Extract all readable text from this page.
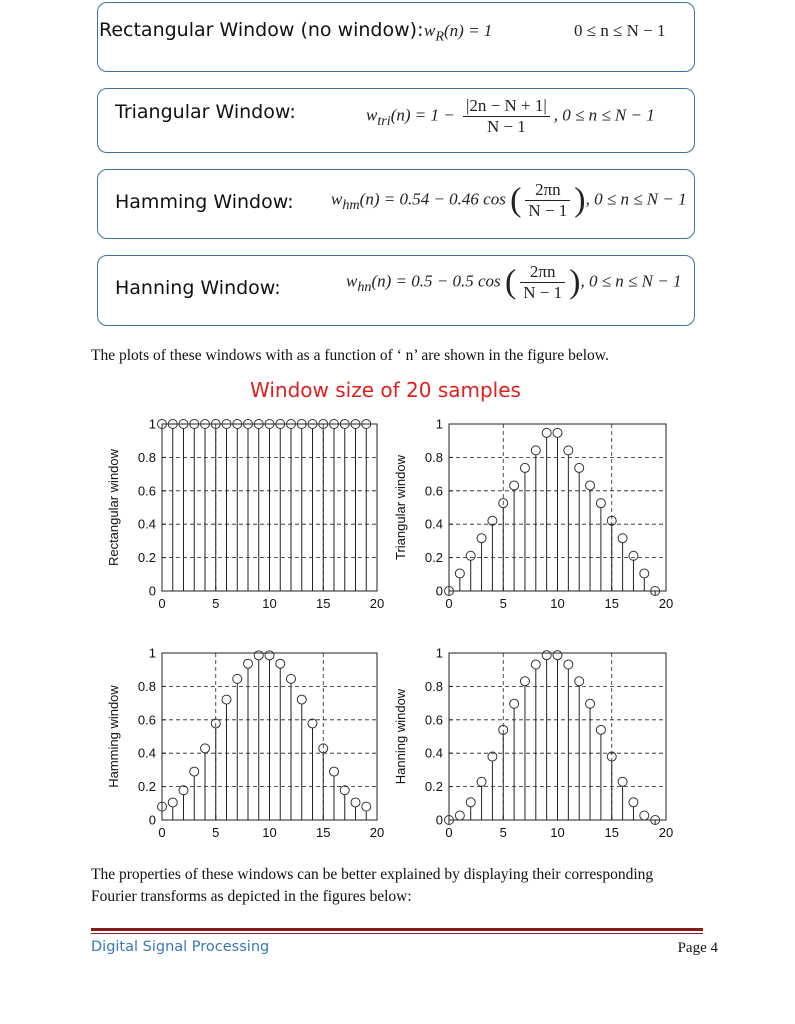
Rectangular Window (no window): $w_R(n) = 1$	0 ≤ n ≤ N − 1
Triangular Window:	$w_{tri}(n) = 1 - \frac{|2n - N + 1|}{N - 1}$ , 0 ≤ n ≤ N − 1
Hamming Window: $w_{hm}(n) = 0.54 - 0.46$ cos ( $\frac{2\pi n}{N - 1}$ ), 0 ≤ n ≤ N − 1
Hanning Window:	$w_{hn}(n) = 0.5 - 0.5$ cos ( $\frac{2\pi n}{N - 1}$ ), 0 ≤ n ≤ N − 1
The plots of these windows with as a function of ‘ n’ are shown in the figure below.
Window size of 20 samples
0	5	10	15	20
0
0.2
0.4
0.6
0.8
1
Rectangular window
0	5	10	15	20
0
0.2
0.4
0.6
0.8
1
Triangular window
0	5	10	15	20
0
0.2
0.4
0.6
0.8
1
Hamming window
0	5	10	15	20
0
0.2
0.4
0.6
0.8
1
Hanning window
The properties of these windows can be better explained by displaying their corresponding
Fourier transforms as depicted in the figures below:
Digital Signal Processing	Page 4
